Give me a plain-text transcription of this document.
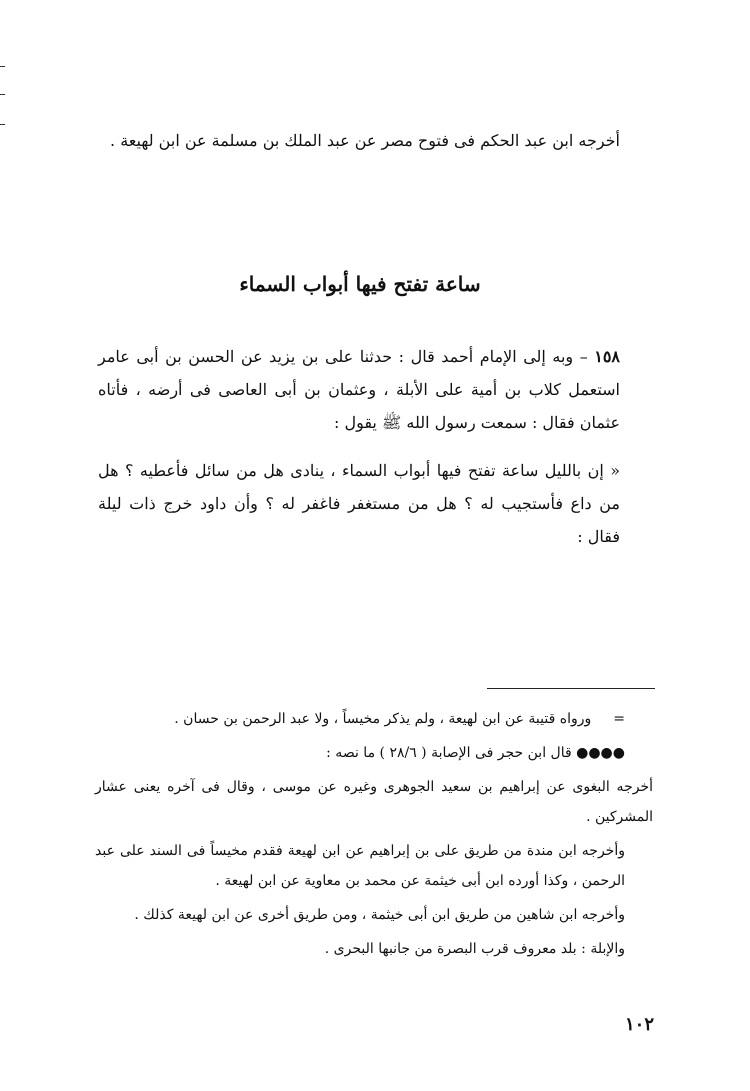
أخرجه ابن عبد الحكم فى فتوح مصر عن عبد الملك بن مسلمة عن ابن لهيعة .
ساعة تفتح فيها أبواب السماء
١٥٨ – وبه إلى الإمام أحمد قال : حدثنا على بن يزيد عن الحسن بن أبى عامر استعمل كلاب بن أمية على الأبلة ، وعثمان بن أبى العاصى فى أرضه ، فأتاه عثمان فقال : سمعت رسول الله ﷺ يقول :
« إن بالليل ساعة تفتح فيها أبواب السماء ، ينادى هل من سائل فأعطيه ؟ هل من داع فأستجيب له ؟ هل من مستغفر فاغفر له ؟ وأن داود خرج ذات ليلة فقال :

=
ورواه قتيبة عن ابن لهيعة ، ولم يذكر مخيساً ، ولا عبد الرحمن بن حسان .

●●●● قال ابن حجر فى الإصابة ( ٢٨/٦ ) ما نصه :

أخرجه البغوى عن إبراهيم بن سعيد الجوهرى وغيره عن موسى ، وقال فى آخره يعنى عشار المشركين .

وأخرجه ابن مندة من طريق على بن إبراهيم عن ابن لهيعة فقدم مخيساً فى السند على عبد الرحمن ، وكذا أورده ابن أبى خيثمة عن محمد بن معاوية عن ابن لهيعة .

وأخرجه ابن شاهين من طريق ابن أبى خيثمة ، ومن طريق أخرى عن ابن لهيعة كذلك .

والإبلة : بلد معروف قرب البصرة من جانبها البحرى .

١٠٢
